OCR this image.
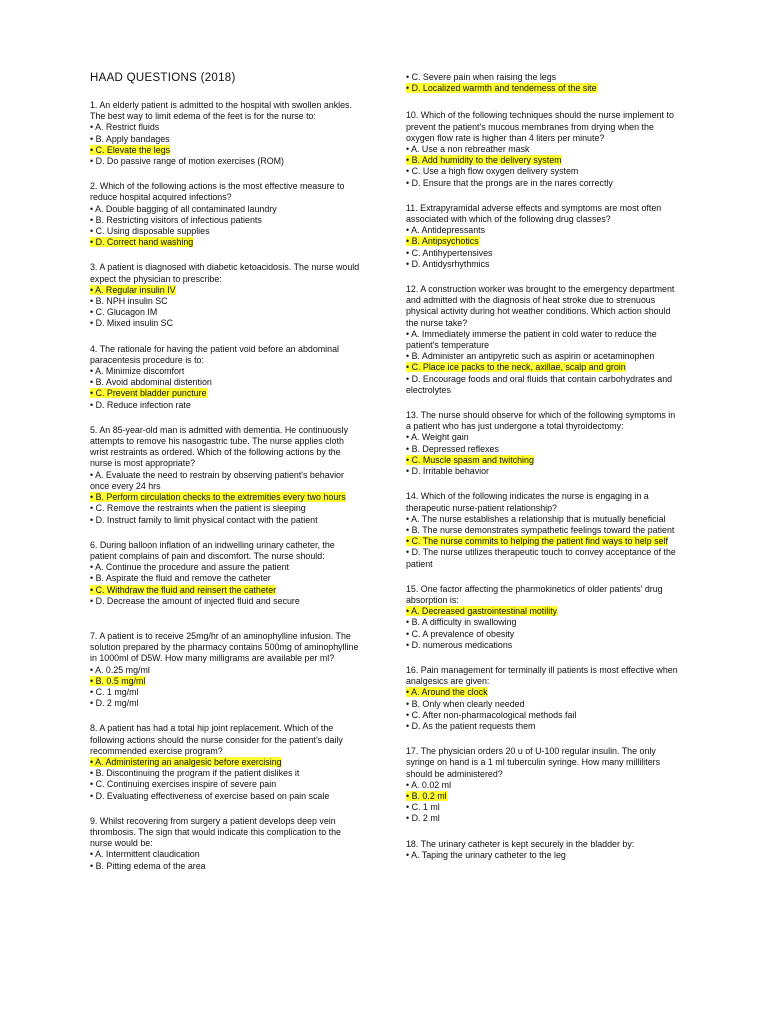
HAAD QUESTIONS (2018)

1. An elderly patient is admitted to the hospital with swollen ankles. The best way to limit edema of the feet is for the nurse to:

• A. Restrict fluids
• B. Apply bandages
• C. Elevate the legs
• D. Do passive range of motion exercises (ROM)

2. Which of the following actions is the most effective measure to reduce hospital acquired infections?

• A. Double bagging of all contaminated laundry
• B. Restricting visitors of infectious patients
• C. Using disposable supplies
• D. Correct hand washing

3. A patient is diagnosed with diabetic ketoacidosis. The nurse would expect the physician to prescribe:

• A. Regular insulin IV
• B. NPH insulin SC
• C. Glucagon IM
• D. Mixed insulin SC

4. The rationale for having the patient void before an abdominal paracentesis procedure is to:

• A. Minimize discomfort
• B. Avoid abdominal distention
• C. Prevent bladder puncture
• D. Reduce infection rate

5. An 85-year-old man is admitted with dementia. He continuously attempts to remove his nasogastric tube. The nurse applies cloth wrist restraints as ordered. Which of the following actions by the nurse is most appropriate?

• A. Evaluate the need to restrain by observing patient's behavior once every 24 hrs
• B. Perform circulation checks to the extremities every two hours
• C. Remove the restraints when the patient is sleeping
• D. Instruct family to limit physical contact with the patient

6. During balloon inflation of an indwelling urinary catheter, the patient complains of pain and discomfort. The nurse should:

• A. Continue the procedure and assure the patient
• B. Aspirate the fluid and remove the catheter
• C. Withdraw the fluid and reinsert the catheter
• D. Decrease the amount of injected fluid and secure

7. A patient is to receive 25mg/hr of an aminophylline infusion. The solution prepared by the pharmacy contains 500mg of aminophylline in 1000ml of D5W. How many milligrams are available per ml?

• A. 0.25 mg/ml
• B. 0.5 mg/ml
• C. 1 mg/ml
• D. 2 mg/ml

8. A patient has had a total hip joint replacement. Which of the following actions should the nurse consider for the patient's daily recommended exercise program?

• A. Administering an analgesic before exercising
• B. Discontinuing the program if the patient dislikes it
• C. Continuing exercises inspire of severe pain
• D. Evaluating effectiveness of exercise based on pain scale

9. Whilst recovering from surgery a patient develops deep vein thrombosis. The sign that would indicate this complication to the nurse would be:

• A. Intermittent claudication
• B. Pitting edema of the area
• C. Severe pain when raising the legs
• D. Localized warmth and tenderness of the site

10. Which of the following techniques should the nurse implement to prevent the patient's mucous membranes from drying when the oxygen flow rate is higher than 4 liters per minute?

• A. Use a non rebreather mask
• B. Add humidity to the delivery system
• C. Use a high flow oxygen delivery system
• D. Ensure that the prongs are in the nares correctly

11. Extrapyramidal adverse effects and symptoms are most often associated with which of the following drug classes?

• A. Antidepressants
• B. Antipsychotics
• C. Antihypertensives
• D. Antidysrhythmics

12. A construction worker was brought to the emergency department and admitted with the diagnosis of heat stroke due to strenuous physical activity during hot weather conditions. Which action should the nurse take?

• A. Immediately immerse the patient in cold water to reduce the patient's temperature
• B. Administer an antipyretic such as aspirin or acetaminophen
• C. Place ice packs to the neck, axillae, scalp and groin
• D. Encourage foods and oral fluids that contain carbohydrates and electrolytes

13. The nurse should observe for which of the following symptoms in a patient who has just undergone a total thyroidectomy:

• A. Weight gain
• B. Depressed reflexes
• C. Muscle spasm and twitching
• D. Irritable behavior

14. Which of the following indicates the nurse is engaging in a therapeutic nurse-patient relationship?

• A. The nurse establishes a relationship that is mutually beneficial
• B. The nurse demonstrates sympathetic feelings toward the patient
• C. The nurse commits to helping the patient find ways to help self
• D. The nurse utilizes therapeutic touch to convey acceptance of the patient

15. One factor affecting the pharmokinetics of older patients' drug absorption is:

• A. Decreased gastrointestinal motility
• B. A difficulty in swallowing
• C. A prevalence of obesity
• D. numerous medications

16. Pain management for terminally ill patients is most effective when analgesics are given:

• A. Around the clock
• B. Only when clearly needed
• C. After non-pharmacological methods fail
• D. As the patient requests them

17. The physician orders 20 u of U-100 regular insulin. The only syringe on hand is a 1 ml tuberculin syringe. How many milliliters should be administered?

• A. 0.02 ml
• B. 0.2 ml
• C. 1 ml
• D. 2 ml

18. The urinary catheter is kept securely in the bladder by:

• A. Taping the urinary catheter to the leg
